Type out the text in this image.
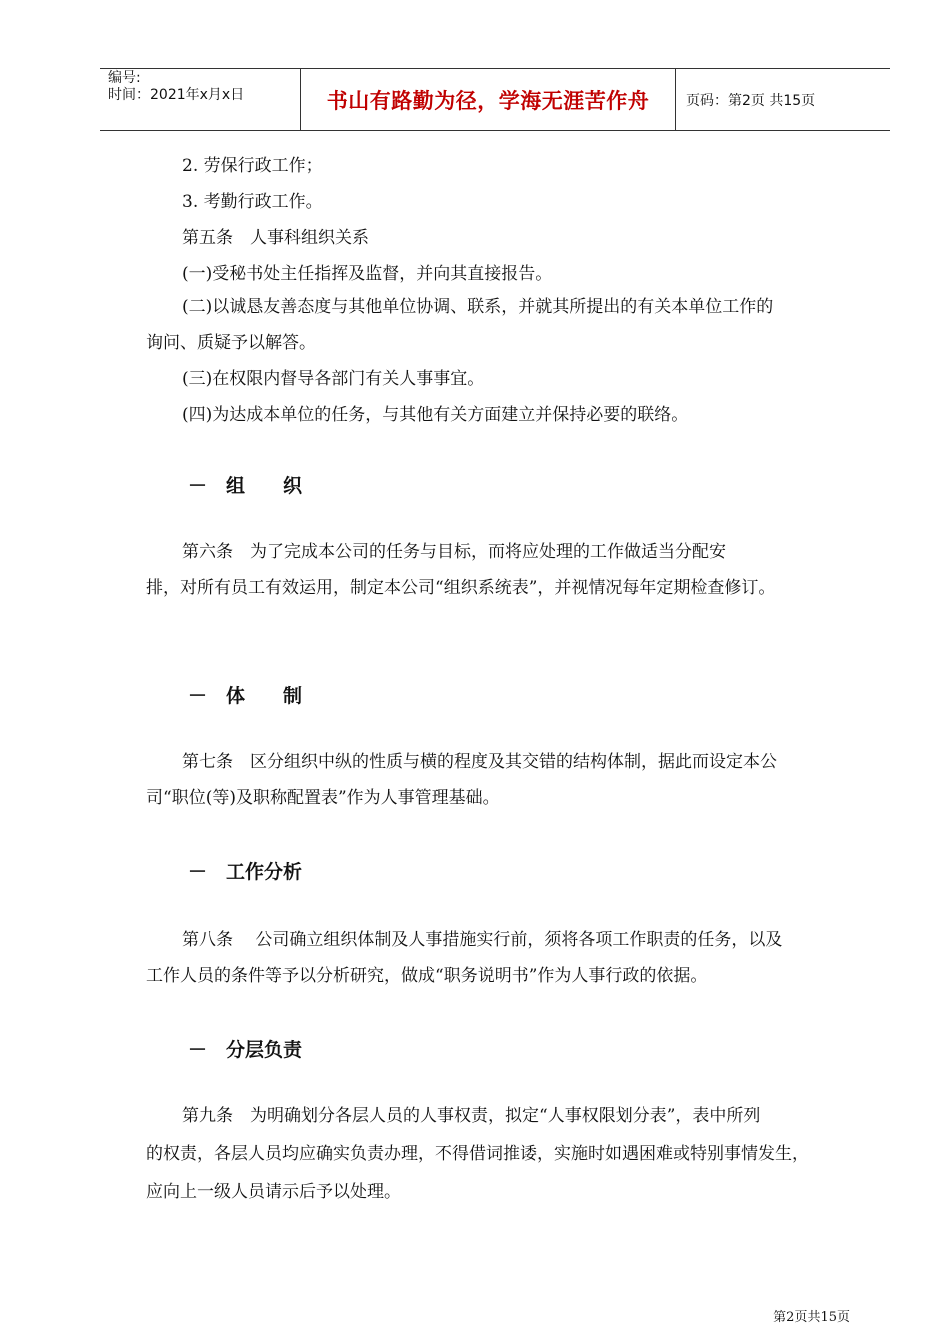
编号:
时间：2021年x月x日	书山有路勤为径，学海无涯苦作舟	页码：第2页 共15页
2. 劳保行政工作；
3. 考勤行政工作。
第五条　人事科组织关系
(一)受秘书处主任指挥及监督，并向其直接报告。
(二)以诚恳友善态度与其他单位协调、联系，并就其所提出的有关本单位工作的
询问、质疑予以解答。
(三)在权限内督导各部门有关人事事宜。
(四)为达成本单位的任务，与其他有关方面建立并保持必要的联络。
－　组　　织
第六条　为了完成本公司的任务与目标，而将应处理的工作做适当分配安
排，对所有员工有效运用，制定本公司“组织系统表”，并视情况每年定期检查修订。
－　体　　制
第七条　区分组织中纵的性质与横的程度及其交错的结构体制，据此而设定本公
司“职位(等)及职称配置表”作为人事管理基础。
－　工作分析
第八条　 公司确立组织体制及人事措施实行前，须将各项工作职责的任务，以及
工作人员的条件等予以分析研究，做成“职务说明书”作为人事行政的依据。
－　分层负责
第九条　为明确划分各层人员的人事权责，拟定“人事权限划分表”，表中所列
的权责，各层人员均应确实负责办理，不得借词推诿，实施时如遇困难或特别事情发生，
应向上一级人员请示后予以处理。
第2页共15页
